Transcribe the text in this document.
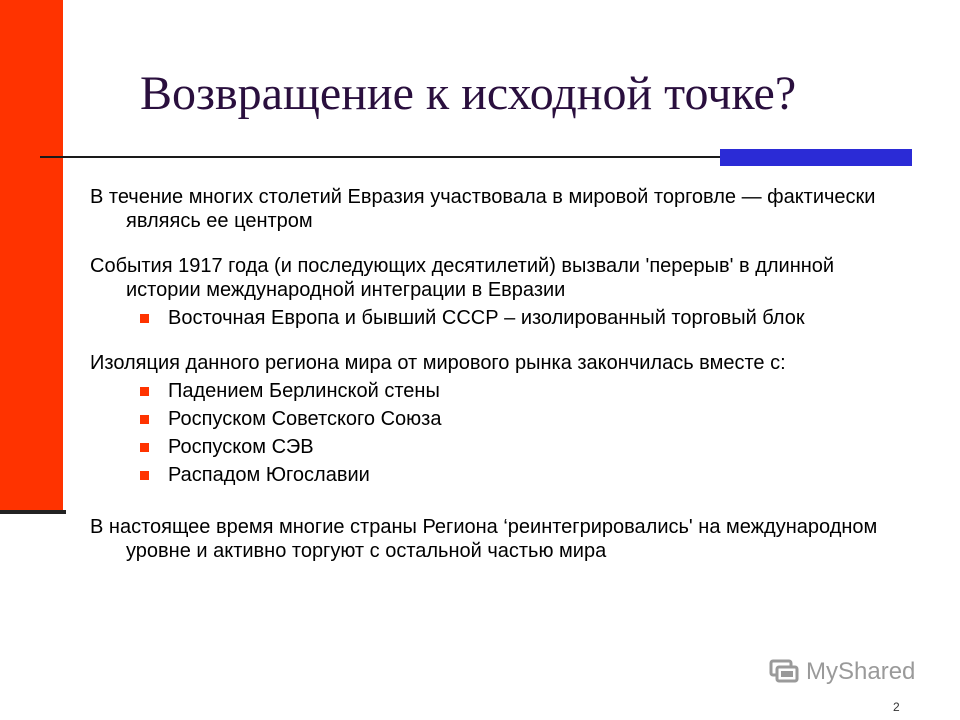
Возвращение к исходной точке?

В течение многих столетий Евразия участвовала в мировой торговле — фактически являясь ее центром

События 1917 года (и последующих десятилетий) вызвали 'перерыв' в длинной истории международной интеграции в Евразии

Восточная Европа и бывший СССР – изолированный торговый блок

Изоляция данного региона мира от мирового рынка закончилась вместе с:

Падением Берлинской стены
Роспуском Советского Союза
Роспуском СЭВ
Распадом Югославии

В настоящее время многие страны Региона ‘реинтегрировались' на международном уровне и активно торгуют с остальной частью мира

MyShared
2
